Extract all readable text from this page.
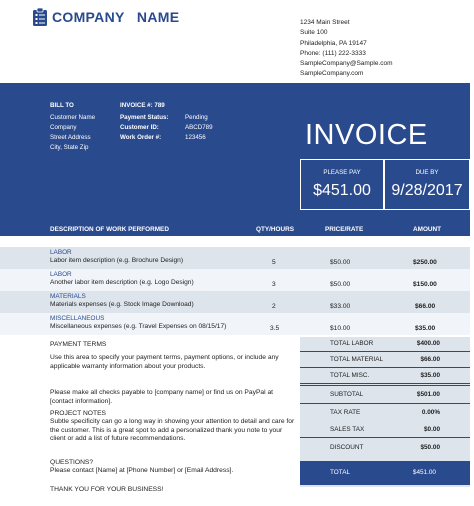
COMPANY   NAME	1234 Main Street
Suite 100
Philadelphia, PA 19147
Phone: (111) 222-3333
SampleCompany@Sample.com
SampleCompany.com
BILL TO
Customer Name
Company
Street Address
City, State Zip
INVOICE #: 789
Payment Status:	Pending
Customer ID:	ABCD789
Work Order #:	123456	INVOICE
PLEASE PAY
$451.00
DUE BY
9/28/2017
DESCRIPTION OF WORK PERFORMED	QTY/HOURS	PRICE/RATE	AMOUNT
LABOR
Labor item description (e.g. Brochure Design)	5	$50.00	$250.00
LABOR
Another labor item description (e.g. Logo Design)	3	$50.00	$150.00
MATERIALS
Materials expenses (e.g. Stock Image Download)	2	$33.00	$66.00
MISCELLANEOUS
Miscellaneous expenses (e.g. Travel Expenses on 08/15/17)	3.5	$10.00	$35.00
TOTAL LABOR	$400.00
TOTAL MATERIAL	$66.00
TOTAL MISC.	$35.00
SUBTOTAL	$501.00
TAX RATE	0.00%
SALES TAX	$0.00
DISCOUNT	$50.00
TOTAL	$451.00
PAYMENT TERMS
Use this area to specify your payment terms, payment options, or include any applicable warranty information about your products.
Please make all checks payable to [company name] or find us on PayPal at [contact information].
PROJECT NOTES
Subtle specificity can go a long way in showing your attention to detail and care for the customer. This is a great spot to add a personalized thank you note to your client or add a list of future recommendations.
QUESTIONS?
Please contact [Name] at [Phone Number] or [Email Address].
THANK YOU FOR YOUR BUSINESS!
